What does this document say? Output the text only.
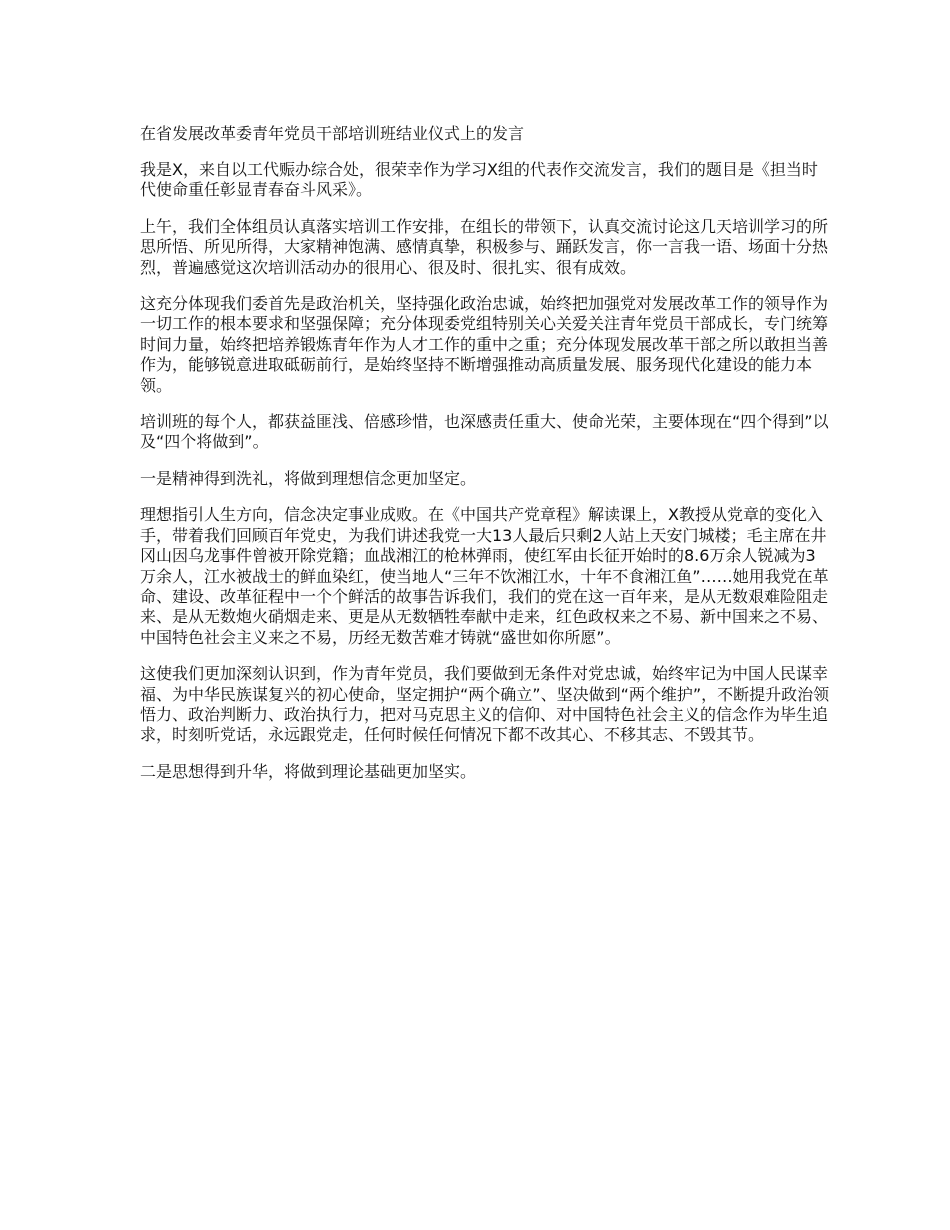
在省发展改革委青年党员干部培训班结业仪式上的发言

我是X，来自以工代赈办综合处，很荣幸作为学习X组的代表作交流发言，我们的题目是《担当时代使命重任彰显青春奋斗风采》。

上午，我们全体组员认真落实培训工作安排，在组长的带领下，认真交流讨论这几天培训学习的所思所悟、所见所得，大家精神饱满、感情真挚，积极参与、踊跃发言，你一言我一语、场面十分热烈，普遍感觉这次培训活动办的很用心、很及时、很扎实、很有成效。

这充分体现我们委首先是政治机关，坚持强化政治忠诚，始终把加强党对发展改革工作的领导作为一切工作的根本要求和坚强保障；充分体现委党组特别关心关爱关注青年党员干部成长，专门统筹时间力量，始终把培养锻炼青年作为人才工作的重中之重；充分体现发展改革干部之所以敢担当善作为，能够锐意进取砥砺前行，是始终坚持不断增强推动高质量发展、服务现代化建设的能力本领。

培训班的每个人，都获益匪浅、倍感珍惜，也深感责任重大、使命光荣，主要体现在“四个得到”以及“四个将做到”。

一是精神得到洗礼，将做到理想信念更加坚定。

理想指引人生方向，信念决定事业成败。在《中国共产党章程》解读课上，X教授从党章的变化入手，带着我们回顾百年党史，为我们讲述我党一大13人最后只剩2人站上天安门城楼；毛主席在井冈山因乌龙事件曾被开除党籍；血战湘江的枪林弹雨，使红军由长征开始时的8.6万余人锐减为3万余人，江水被战士的鲜血染红，使当地人“三年不饮湘江水，十年不食湘江鱼”……她用我党在革命、建设、改革征程中一个个鲜活的故事告诉我们，我们的党在这一百年来，是从无数艰难险阻走来、是从无数炮火硝烟走来、更是从无数牺牲奉献中走来，红色政权来之不易、新中国来之不易、中国特色社会主义来之不易，历经无数苦难才铸就“盛世如你所愿”。

这使我们更加深刻认识到，作为青年党员，我们要做到无条件对党忠诚，始终牢记为中国人民谋幸福、为中华民族谋复兴的初心使命，坚定拥护“两个确立”、坚决做到“两个维护”，不断提升政治领悟力、政治判断力、政治执行力，把对马克思主义的信仰、对中国特色社会主义的信念作为毕生追求，时刻听党话，永远跟党走，任何时候任何情况下都不改其心、不移其志、不毁其节。

二是思想得到升华，将做到理论基础更加坚实。
